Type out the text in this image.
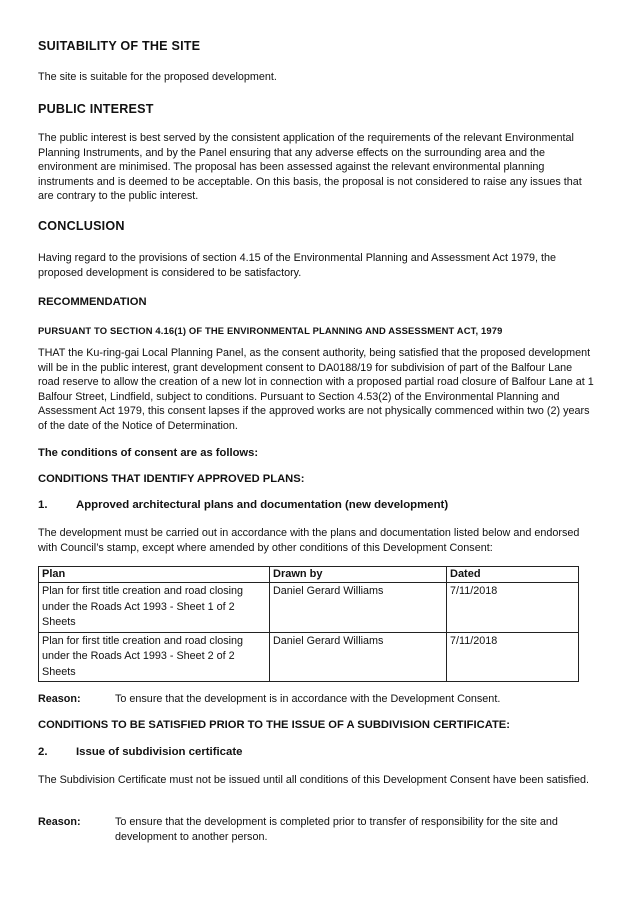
SUITABILITY OF THE SITE
The site is suitable for the proposed development.
PUBLIC INTEREST
The public interest is best served by the consistent application of the requirements of the relevant Environmental Planning Instruments, and by the Panel ensuring that any adverse effects on the surrounding area and the environment are minimised. The proposal has been assessed against the relevant environmental planning instruments and is deemed to be acceptable. On this basis, the proposal is not considered to raise any issues that are contrary to the public interest.
CONCLUSION
Having regard to the provisions of section 4.15 of the Environmental Planning and Assessment Act 1979, the proposed development is considered to be satisfactory.
RECOMMENDATION
PURSUANT TO SECTION 4.16(1) OF THE ENVIRONMENTAL PLANNING AND ASSESSMENT ACT, 1979
THAT the Ku-ring-gai Local Planning Panel, as the consent authority, being satisfied that the proposed development will be in the public interest, grant development consent to DA0188/19 for subdivision of part of the Balfour Lane road reserve to allow the creation of a new lot in connection with a proposed partial road closure of Balfour Lane at 1 Balfour Street, Lindfield, subject to conditions. Pursuant to Section 4.53(2) of the Environmental Planning and Assessment Act 1979, this consent lapses if the approved works are not physically commenced within two (2) years of the date of the Notice of Determination.
The conditions of consent are as follows:
CONDITIONS THAT IDENTIFY APPROVED PLANS:
1.	Approved architectural plans and documentation (new development)
The development must be carried out in accordance with the plans and documentation listed below and endorsed with Council’s stamp, except where amended by other conditions of this Development Consent:
Plan	Drawn by	Dated
Plan for first title creation and road closing under the Roads Act 1993 - Sheet 1 of 2 Sheets	Daniel Gerard Williams	7/11/2018
Plan for first title creation and road closing under the Roads Act 1993 - Sheet 2 of 2 Sheets	Daniel Gerard Williams	7/11/2018
Reason:	To ensure that the development is in accordance with the Development Consent.
CONDITIONS TO BE SATISFIED PRIOR TO THE ISSUE OF A SUBDIVISION CERTIFICATE:
2.	Issue of subdivision certificate
The Subdivision Certificate must not be issued until all conditions of this Development Consent have been satisfied.
Reason:	To ensure that the development is completed prior to transfer of responsibility for the site and development to another person.
